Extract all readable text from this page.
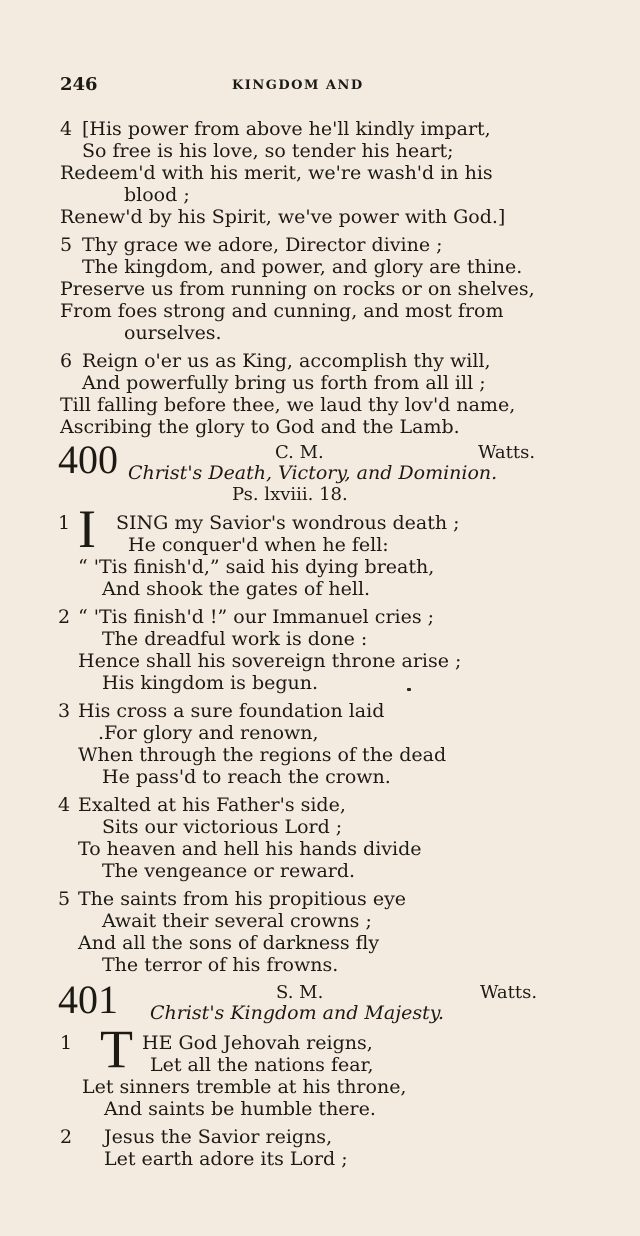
246	KINGDOM AND
4 [His power from above he'll kindly impart,
So free is his love, so tender his heart;
Redeem'd with his merit, we're wash'd in his
blood ;
Renew'd by his Spirit, we've power with God.]
5 Thy grace we adore, Director divine ;
The kingdom, and power, and glory are thine.
Preserve us from running on rocks or on shelves,
From foes strong and cunning, and most from
ourselves.
6 Reign o'er us as King, accomplish thy will,
And powerfully bring us forth from all ill ;
Till falling before thee, we laud thy lov'd name,
Ascribing the glory to God and the Lamb.
400	C. M.	Watts.
Christ's Death, Victory, and Dominion.
Ps. lxviii. 18.
1 I SING my Savior's wondrous death ;
He conquer'd when he fell:
“ 'Tis finish'd,” said his dying breath,
And shook the gates of hell.
2 “ 'Tis finish'd !” our Immanuel cries ;
The dreadful work is done :
Hence shall his sovereign throne arise ;
His kingdom is begun.
3 His cross a sure foundation laid
.For glory and renown,
When through the regions of the dead
He pass'd to reach the crown.
4 Exalted at his Father's side,
Sits our victorious Lord ;
To heaven and hell his hands divide
The vengeance or reward.
5 The saints from his propitious eye
Await their several crowns ;
And all the sons of darkness fly
The terror of his frowns.
401	S. M.	Watts.
Christ's Kingdom and Majesty.
1 T HE God Jehovah reigns,
Let all the nations fear,
Let sinners tremble at his throne,
And saints be humble there.
2 Jesus the Savior reigns,
Let earth adore its Lord ;
